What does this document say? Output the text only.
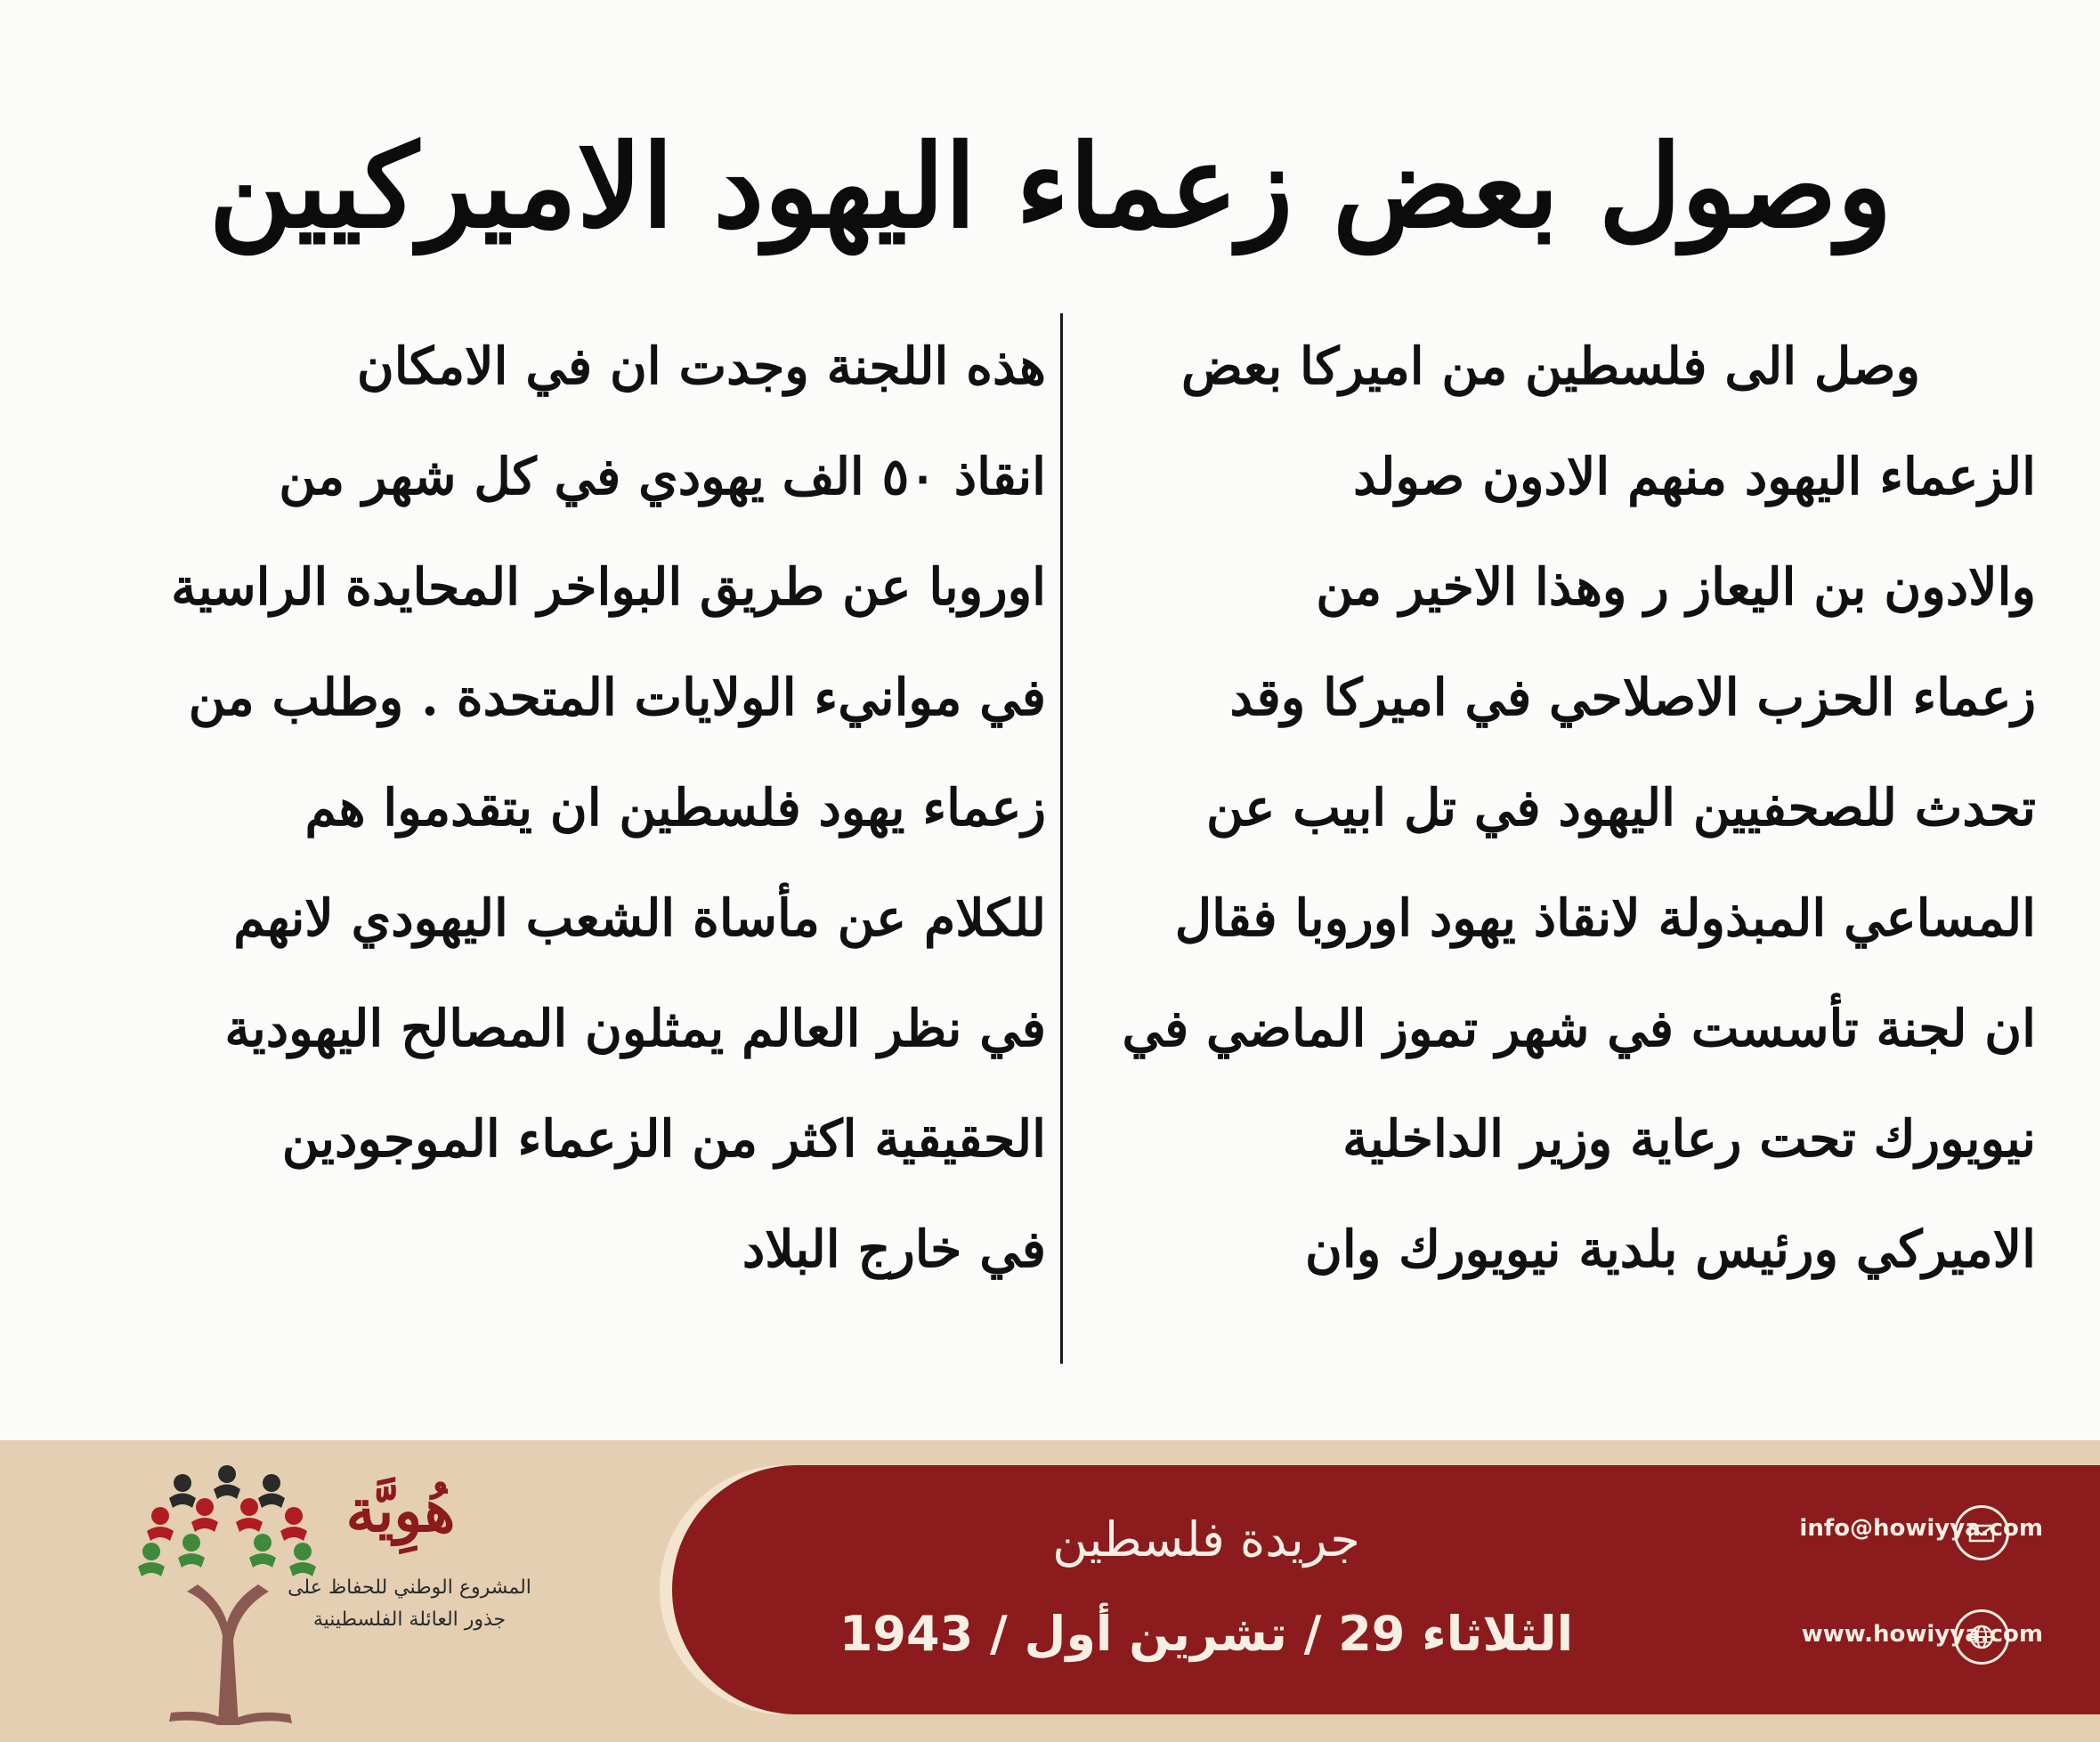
وصول بعض زعماء اليهود الاميركيين
وصل الى فلسطين من اميركا بعض
الزعماء اليهود منهم الادون صولد
والادون بن اليعاز ر وهذا الاخير من
زعماء الحزب الاصلاحي في اميركا وقد
تحدث للصحفيين اليهود في تل ابيب عن
المساعي المبذولة لانقاذ يهود اوروبا فقال
ان لجنة تأسست في شهر تموز الماضي في
نيويورك تحت رعاية وزير الداخلية
الاميركي ورئيس بلدية نيويورك وان
هذه اللجنة وجدت ان في الامكان
انقاذ ٥٠ الف يهودي في كل شهر من
اوروبا عن طريق البواخر المحايدة الراسية
في موانيء الولايات المتحدة . وطلب من
زعماء يهود فلسطين ان يتقدموا هم
للكلام عن مأساة الشعب اليهودي لانهم
في نظر العالم يمثلون المصالح اليهودية
الحقيقية اكثر من الزعماء الموجودين
في خارج البلاد

هُوِيَّة

المشروع الوطني للحفاظ على
جذور العائلة الفلسطينية

جريدة فلسطين

الثلاثاء 29 / تشرين أول / 1943

info@howiyya.com
www.howiyya.com
